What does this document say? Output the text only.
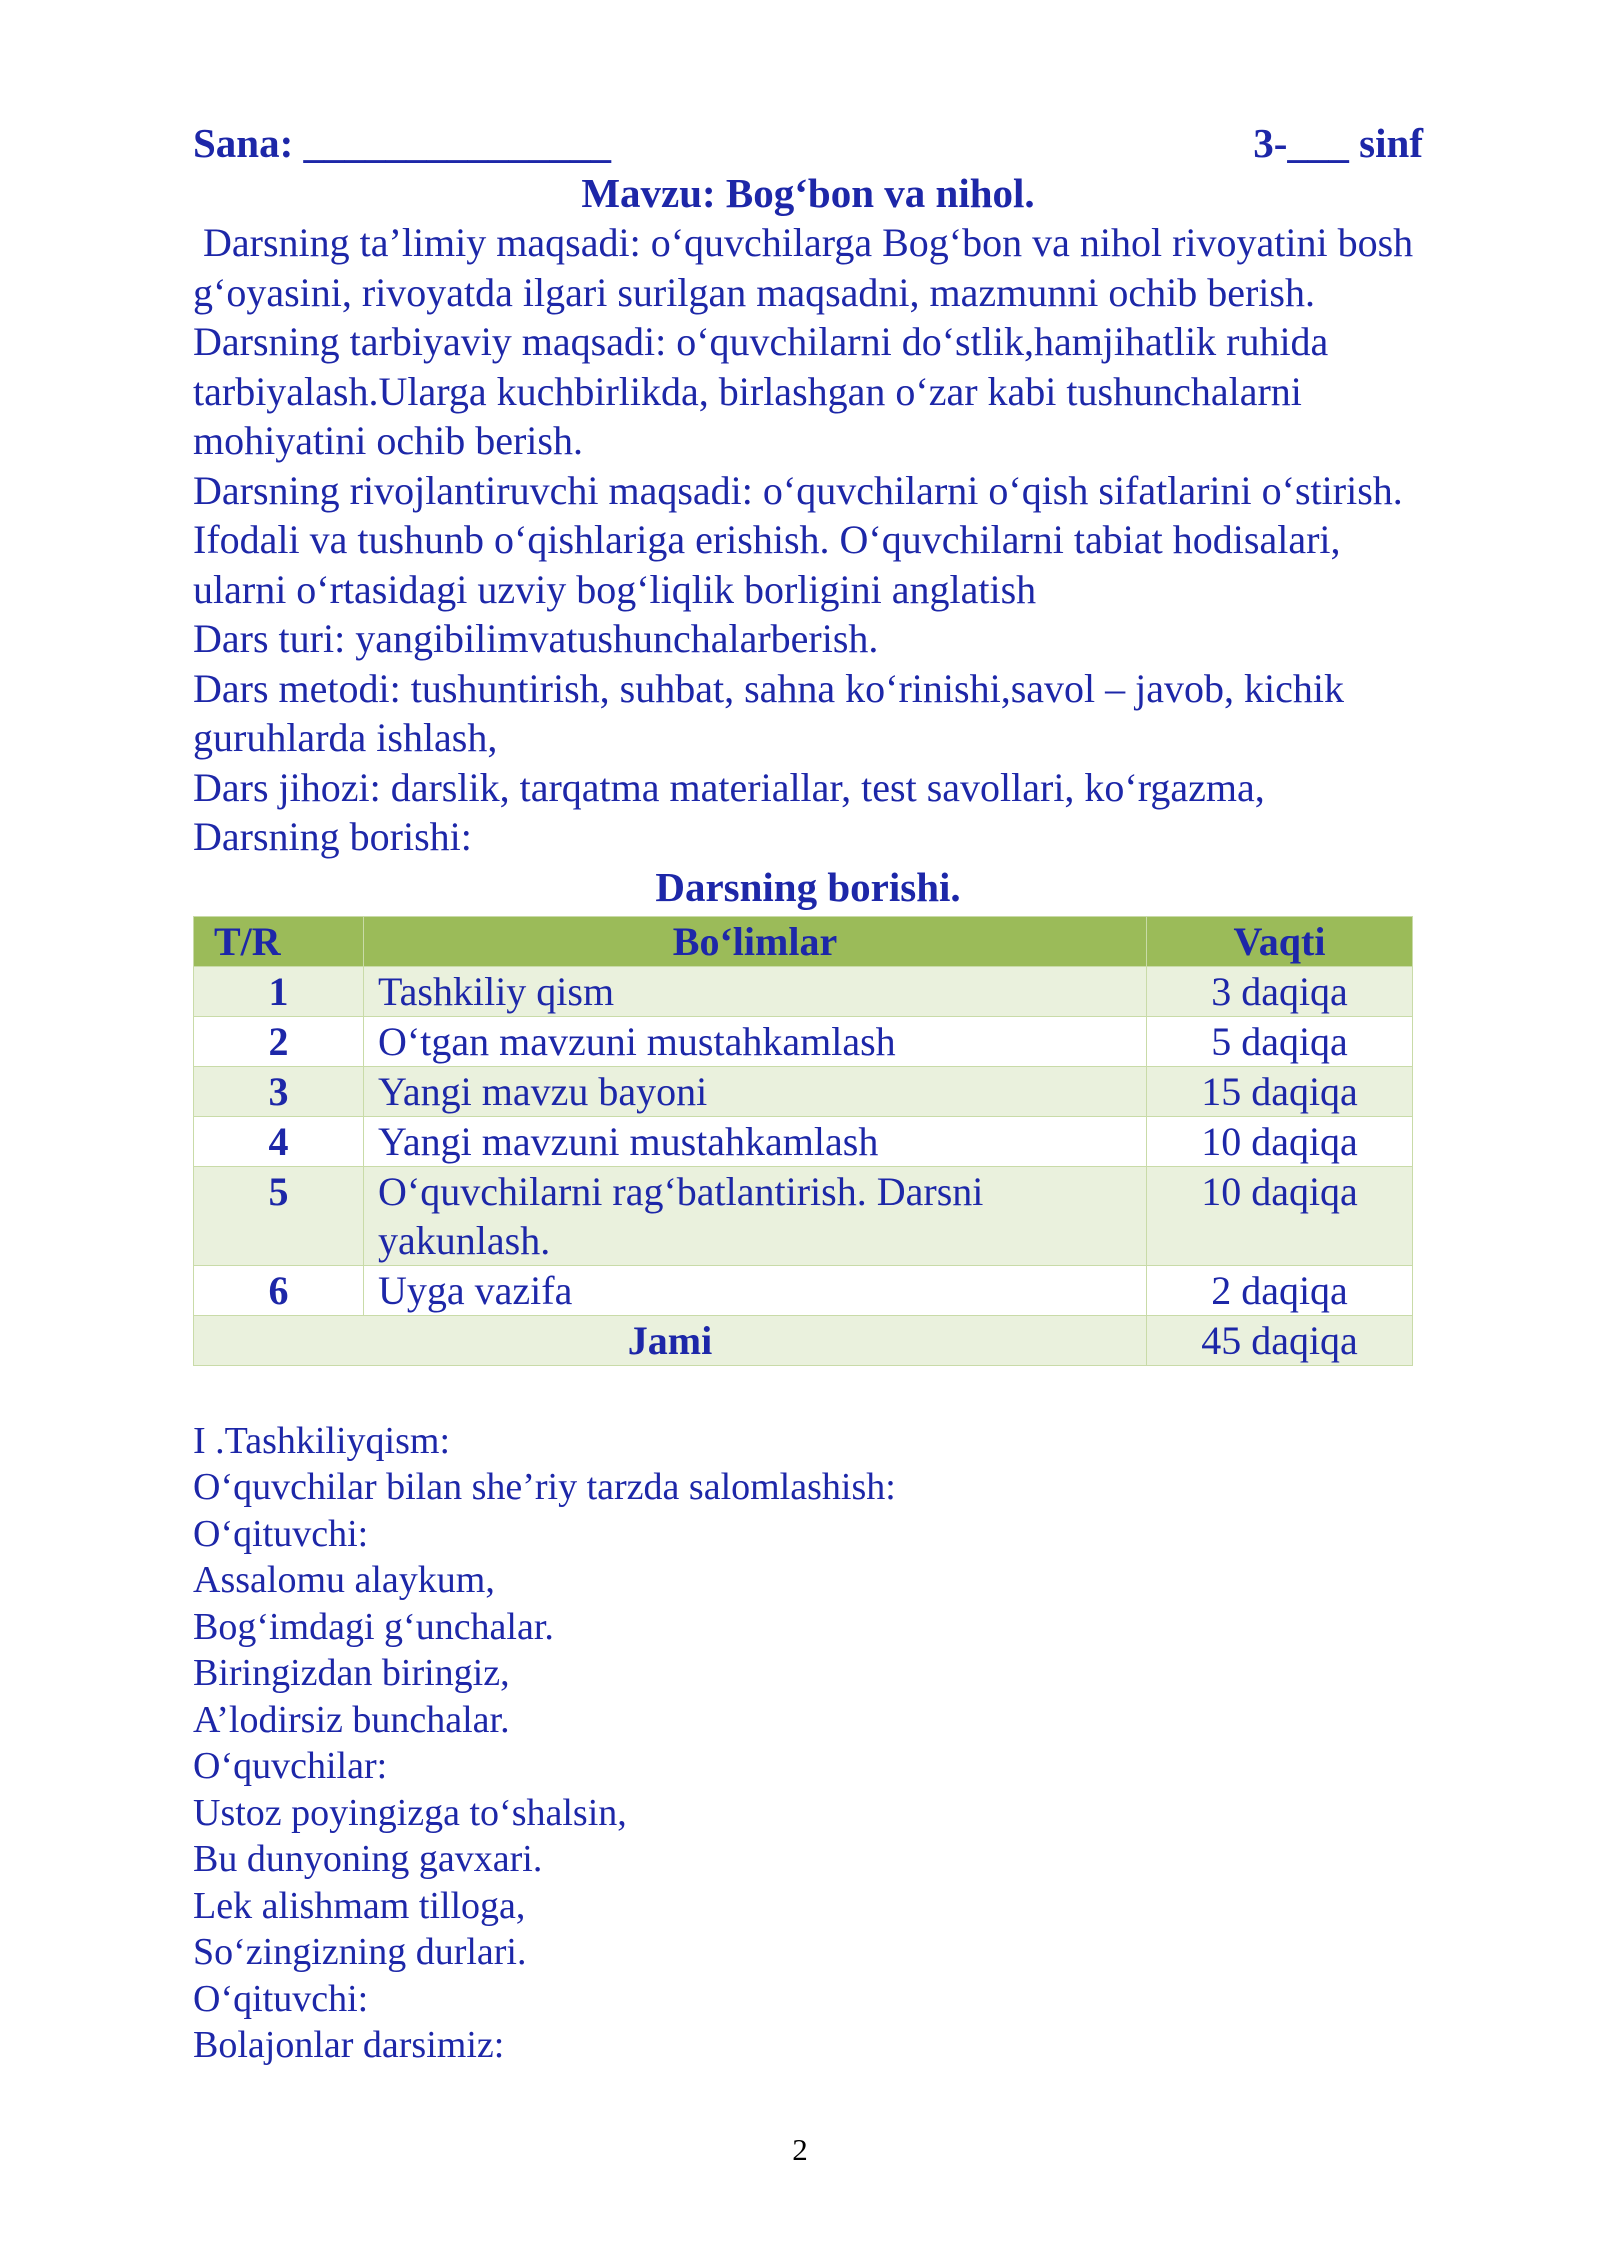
Sana: _______________	3-___ sinf
Mavzu: Bog‘bon va nihol.

Darsning ta’limiy maqsadi: o‘quvchilarga Bog‘bon va nihol rivoyatini bosh g‘oyasini, rivoyatda ilgari surilgan maqsadni, mazmunni ochib berish.

Darsning tarbiyaviy maqsadi: o‘quvchilarni do‘stlik,hamjihatlik ruhida tarbiyalash.Ularga kuchbirlikda, birlashgan o‘zar kabi tushunchalarni mohiyatini ochib berish.

Darsning rivojlantiruvchi maqsadi: o‘quvchilarni o‘qish sifatlarini o‘stirish. Ifodali va tushunb o‘qishlariga erishish. O‘quvchilarni tabiat hodisalari, ularni o‘rtasidagi uzviy bog‘liqlik borligini anglatish

Dars turi: yangibilimvatushunchalarberish.

Dars metodi: tushuntirish, suhbat, sahna ko‘rinishi,savol – javob, kichik guruhlarda ishlash,

Dars jihozi: darslik, tarqatma materiallar, test savollari, ko‘rgazma,

Darsning borishi:

Darsning borishi.
T/R	Bo‘limlar	Vaqti
1	Tashkiliy qism	3 daqiqa
2	O‘tgan mavzuni mustahkamlash	5 daqiqa
3	Yangi mavzu bayoni	15 daqiqa
4	Yangi mavzuni mustahkamlash	10 daqiqa
5	O‘quvchilarni rag‘batlantirish. Darsni yakunlash.	10 daqiqa
6	Uyga vazifa	2 daqiqa
Jami		45 daqiqa
I .Tashkiliyqism:
O‘quvchilar bilan she’riy tarzda salomlashish:
O‘qituvchi:
Assalomu alaykum,
Bog‘imdagi g‘unchalar.
Biringizdan biringiz,
A’lodirsiz bunchalar.
O‘quvchilar:
Ustoz poyingizga to‘shalsin,
Bu dunyoning gavxari.
Lek alishmam tilloga,
So‘zingizning durlari.
O‘qituvchi:
Bolajonlar darsimiz:
2
